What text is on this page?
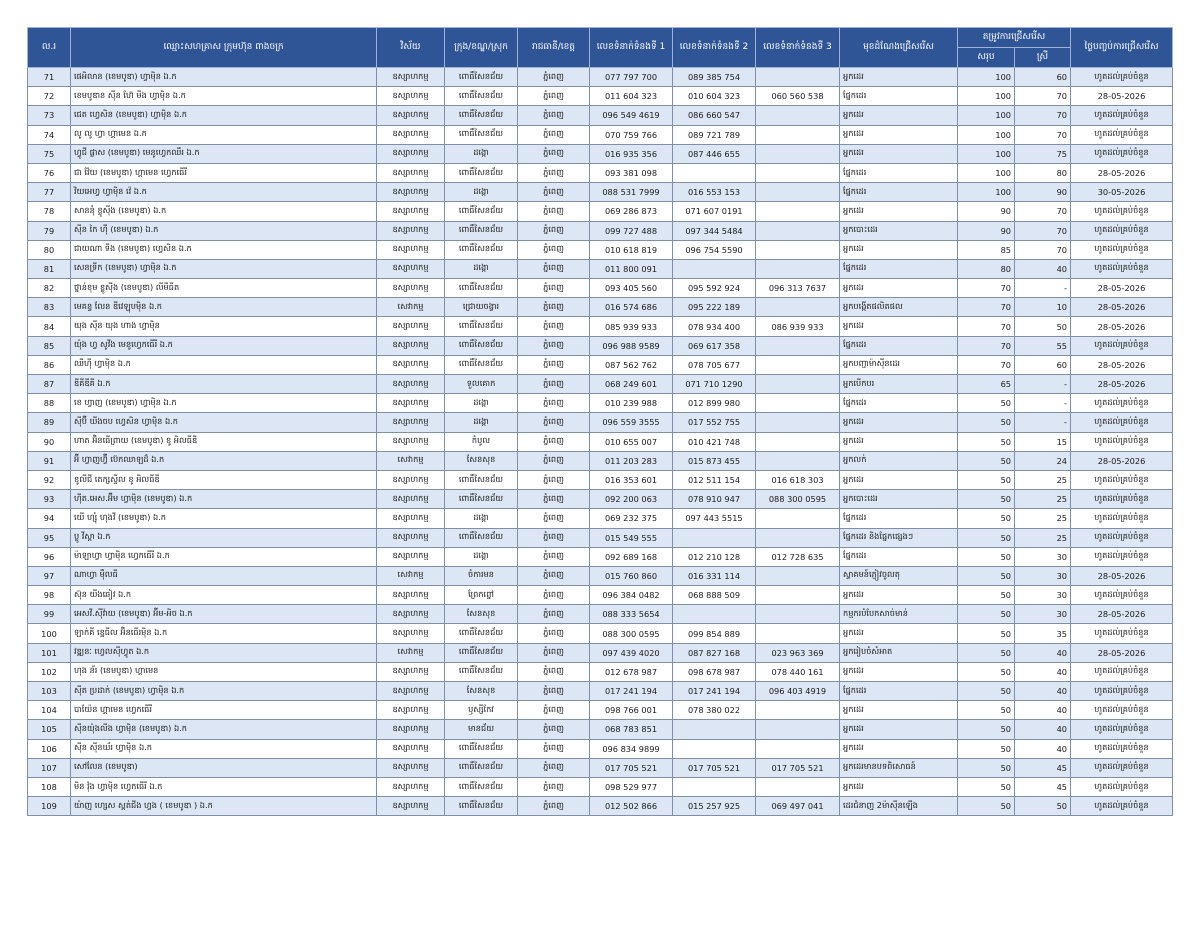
ល.រ	ឈ្មោះសហគ្រាស ក្រុមហ៊ុន ពាងចក្រ	វិស័យ	ក្រុង/ខណ្ឌ/ស្រុក	រាជធានី/ខេត្ត	លេខទំនាក់ទំនងទី 1	លេខទំនាក់ទំនងទី 2	លេខទំនាក់ទំនងទី 3	មុខដំណែងជ្រើសរើស	តម្រូវការជ្រើសរើស		ថ្ងៃបញ្ចប់ការជ្រើសរើស
									សរុប	ស្រី	
71	ផេអិលាន (ខេមបូឌា) ហ្វាម៉ិន ឯ.ក	ឧស្សាហកម្ម	ពោធិ៍សែនជ័យ	ភ្នំពេញ	077 797 700	089 385 754		អ្នកដេរ	100	60	ហូតដល់គ្រប់ចំនួន
72	ខេមបូឌាន ស៊ីន ហ៊ែ មីង ហ្វាម៉ិន ឯ.ក	ឧស្សាហកម្ម	ពោធិ៍សែនជ័យ	ភ្នំពេញ	011 604 323	010 604 323	060 560 538	ផ្នែកដេរ	100	70	28-05-2026
73	ជេត ហ្វេសិន (ខេមបូឌា) ហ្វាម៉ិន ឯ.ក	ឧស្សាហកម្ម	ពោធិ៍សែនជ័យ	ភ្នំពេញ	096 549 4619	086 660 547		អ្នកដេរ	100	70	ហូតដល់គ្រប់ចំនួន
74	លូ លូ ហ្វា ហ្គាមេន ឯ.ក	ឧស្សាហកម្ម	ពោធិ៍សែនជ័យ	ភ្នំពេញ	070 759 766	089 721 789		អ្នកដេរ	100	70	ហូតដល់គ្រប់ចំនួន
75	ហ្វូជី ផ្លាស (ខេមបូឌា) មេនូហ្វេកឈឺរ ឯ.ក	ឧស្សាហកម្ម	ដង្កោ	ភ្នំពេញ	016 935 356	087 446 655		អ្នកដេរ	100	75	ហូតដល់គ្រប់ចំនួន
76	ជា វ៉ែយ (ខេមបូឌា) ហ្គាមេន ហ្វេកធើរី	ឧស្សាហកម្ម	ពោធិ៍សែនជ័យ	ភ្នំពេញ	093 381 098			ផ្នែកដេរ	100	80	28-05-2026
77	វិយអេហ្វ ហ្វាម៉ិន វ៉េ ឯ.ក	ឧស្សាហកម្ម	ដង្កោ	ភ្នំពេញ	088 531 7999	016 553 153		ផ្នែកដេរ	100	90	30-05-2026
78	សាននុំ ខ្លូស៊ីង (ខេមបូឌា) ឯ.ក	ឧស្សាហកម្ម	ពោធិ៍សែនជ័យ	ភ្នំពេញ	069 286 873	071 607 0191		អ្នកដេរ	90	70	ហូតដល់គ្រប់ចំនួន
79	ស៊ីន កៃ ហ៊ី (ខេមបូឌា) ឯ.ក	ឧស្សាហកម្ម	ពោធិ៍សែនជ័យ	ភ្នំពេញ	099 727 488	097 344 5484		អ្នកបោះដេរ	90	70	ហូតដល់គ្រប់ចំនួន
80	ជាយណា ទីង (ខេមបូឌា) ហ្វេសិន ឯ.ក	ឧស្សាហកម្ម	ពោធិ៍សែនជ័យ	ភ្នំពេញ	010 618 819	096 754 5590		អ្នកដេរ	85	70	ហូតដល់គ្រប់ចំនួន
81	សេនទ្រីក (ខេមបូឌា) ហ្វាម៉ិន ឯ.ក	ឧស្សាហកម្ម	ដង្កោ	ភ្នំពេញ	011 800 091			ផ្នែកដេរ	80	40	ហូតដល់គ្រប់ចំនួន
82	ថ្នាន់ខុម ខ្លូស៊ីង (ខេមបូឌា) លីមីធីត	ឧស្សាហកម្ម	ពោធិ៍សែនជ័យ	ភ្នំពេញ	093 405 560	095 592 924	096 313 7637	អ្នកដេរ	70	-	28-05-2026
83	មេគន្ធ លែន ឌីវេឡុបម៉ិន ឯ.ក	សេវាកម្ម	ជ្រោយចង្វារ	ភ្នំពេញ	016 574 686	095 222 189		អ្នកបង្កើតផលិតផល	70	10	28-05-2026
84	យុង ស៊ីន យុង ហាង ហ្វាម៉ិន	ឧស្សាហកម្ម	ពោធិ៍សែនជ័យ	ភ្នំពេញ	085 939 933	078 934 400	086 939 933	អ្នកដេរ	70	50	28-05-2026
85	យ៉ុង ហ្វ សូវីង មេនូហ្វេកធើរី ឯ.ក	ឧស្សាហកម្ម	ពោធិ៍សែនជ័យ	ភ្នំពេញ	096 988 9589	069 617 358		ផ្នែកដេរ	70	55	ហូតដល់គ្រប់ចំនួន
86	ឈីហ៊ី ហ្វាម៉ិន ឯ.ក	ឧស្សាហកម្ម	ពោធិ៍សែនជ័យ	ភ្នំពេញ	087 562 762	078 705 677		អ្នកបញ្ជាម៉ាស៊ីនដេរ	70	60	28-05-2026
87	ឌីគីឌីគី ឯ.ក	ឧស្សាហកម្ម	ទួលគោក	ភ្នំពេញ	068 249 601	071 710 1290		អ្នកបើកបរ	65	-	28-05-2026
88	ខេ ហ្វាញ (ខេមបូឌា) ហ្វាម៉ិន ឯ.ក	ឧស្សាហកម្ម	ដង្កោ	ភ្នំពេញ	010 239 988	012 899 980		ផ្នែកដេរ	50	-	ហូតដល់គ្រប់ចំនួន
89	ស៊ីប៊ី ឃីងចប ហ្វេសិន ហ្វាម៉ិន ឯ.ក	ឧស្សាហកម្ម	ដង្កោ	ភ្នំពេញ	096 559 3555	017 552 755		អ្នកដេរ	50	-	ហូតដល់គ្រប់ចំនួន
90	ហាត អ៊ិនធើព្រាយ (ខេមបូឌា) ខូ អិលធីឌី	ឧស្សាហកម្ម	កំបូល	ភ្នំពេញ	010 655 007	010 421 748		អ្នកដេរ	50	15	ហូតដល់គ្រប់ចំនួន
91	អ៊ី ហ្វាញហ្វ៊ី ប៊េកឈាឡដ៏ ឯ.ក	សេវាកម្ម	សែនសុខ	ភ្នំពេញ	011 203 283	015 873 455		អ្នកលក់	50	24	28-05-2026
92	ខូលីជី តេក្សស្ទីល ខូ អិលធីឌី	ឧស្សាហកម្ម	ពោធិ៍សែនជ័យ	ភ្នំពេញ	016 353 601	012 511 154	016 618 303	អ្នកដេរ	50	25	ហូតដល់គ្រប់ចំនួន
93	ហ៊ីត.អេស.អ៊ីម ហ្វាម៉ិន (ខេមបូឌា) ឯ.ក	ឧស្សាហកម្ម	ពោធិ៍សែនជ័យ	ភ្នំពេញ	092 200 063	078 910 947	088 300 0595	អ្នកបោះដេរ	50	25	ហូតដល់គ្រប់ចំនួន
94	យើ ហ្សុំ ហុងវី (ខេមបូឌា) ឯ.ក	ឧស្សាហកម្ម	ដង្កោ	ភ្នំពេញ	069 232 375	097 443 5515		ផ្នែកដេរ	50	25	ហូតដល់គ្រប់ចំនួន
95	ប្លូ វីស្តា ឯ.ក	ឧស្សាហកម្ម	ពោធិ៍សែនជ័យ	ភ្នំពេញ	015 549 555			ផ្នែកដេរ និងផ្នែកផ្សេងៗ	50	25	ហូតដល់គ្រប់ចំនួន
96	ម៉ាឡាហ្វា ហ្វាម៉ិន ហ្វេកធើរី ឯ.ក	ឧស្សាហកម្ម	ដង្កោ	ភ្នំពេញ	092 689 168	012 210 128	012 728 635	ផ្នែកដេរ	50	30	ហូតដល់គ្រប់ចំនួន
97	ណាហ្វា ម៉ឺលធី	សេវាកម្ម	ចំការមន	ភ្នំពេញ	015 760 860	016 331 114		ស្វាគមន៍ភ្ញៀវចូលតុ	50	30	28-05-2026
98	ស៊ុន យីងឆៀវ ឯ.ក	ឧស្សាហកម្ម	ព្រែកព្នៅ	ភ្នំពេញ	096 384 0482	068 888 509		អ្នកដេរ	50	30	ហូតដល់គ្រប់ចំនួន
99	អេសវី.ស៊ីវ៉ាយ (ខេមបូឌា) អ៊ីម-អិច ឯ.ក	ឧស្សាហកម្ម	សែនសុខ	ភ្នំពេញ	088 333 5654			កម្មករបំបែកសាច់មាន់	50	30	28-05-2026
100	ឡាក់គី ខ្នេធីល អ៊ិនធើរម៉ិន ឯ.ក	ឧស្សាហកម្ម	ពោធិ៍សែនជ័យ	ភ្នំពេញ	088 300 0595	099 854 889		អ្នកដេរ	50	35	ហូតដល់គ្រប់ចំនួន
101	វឌ្ឍនៈ ហ្វេលស៊ីហ្វូត ឯ.ក	សេវាកម្ម	ពោធិ៍សែនជ័យ	ភ្នំពេញ	097 439 4020	087 827 168	023 963 369	អ្នករៀបចំសំអាត	50	40	28-05-2026
102	ហុង ន័រ (ខេមបូឌា) ហ្គាមេន	ឧស្សាហកម្ម	ពោធិ៍សែនជ័យ	ភ្នំពេញ	012 678 987	098 678 987	078 440 161	អ្នកដេរ	50	40	ហូតដល់គ្រប់ចំនួន
103	ស៊ីត ប្រដាក់ (ខេមបូឌា) ហ្វាម៉ិន ឯ.ក	ឧស្សាហកម្ម	សែនសុខ	ភ្នំពេញ	017 241 194	017 241 194	096 403 4919	ផ្នែកដេរ	50	40	ហូតដល់គ្រប់ចំនួន
104	បាយ៉ែន ហ្គាមេន ហ្វេកធើរី	ឧស្សាហកម្ម	ឫស្សីកែវ	ភ្នំពេញ	098 766 001	078 380 022		អ្នកដេរ	50	40	ហូតដល់គ្រប់ចំនួន
105	ស៊ីនយ៉ុងលីង ហ្វាម៉ិន (ខេមបូឌា) ឯ.ក	ឧស្សាហកម្ម	មានជ័យ	ភ្នំពេញ	068 783 851			អ្នកដេរ	50	40	ហូតដល់គ្រប់ចំនួន
106	ស៊ីន ស៊ីនឃ័រ ហ្វាម៉ិន ឯ.ក	ឧស្សាហកម្ម	ពោធិ៍សែនជ័យ	ភ្នំពេញ	096 834 9899			អ្នកដេរ	50	40	ហូតដល់គ្រប់ចំនួន
107	សៅលែន (ខេមបូឌា)	ឧស្សាហកម្ម	ពោធិ៍សែនជ័យ	ភ្នំពេញ	017 705 521	017 705 521	017 705 521	អ្នកដេរមានបទពិសោធន៍	50	45	ហូតដល់គ្រប់ចំនួន
108	មិន វ៉ុង ហ្វាម៉ិន ហ្វេកធើរី ឯ.ក	ឧស្សាហកម្ម	ពោធិ៍សែនជ័យ	ភ្នំពេញ	098 529 977			អ្នកដេរ	50	45	ហូតដល់គ្រប់ចំនួន
109	យ៉ាញ ហ្សេស ស្ពត់ជីង ហ្វង ( ខេមបូឌា ) ឯ.ក	ឧស្សាហកម្ម	ពោធិ៍សែនជ័យ	ភ្នំពេញ	012 502 866	015 257 925	069 497 041	ដេរជំនាញ 2ម៉ាស៊ីនឡើង	50	50	ហូតដល់គ្រប់ចំនួន
